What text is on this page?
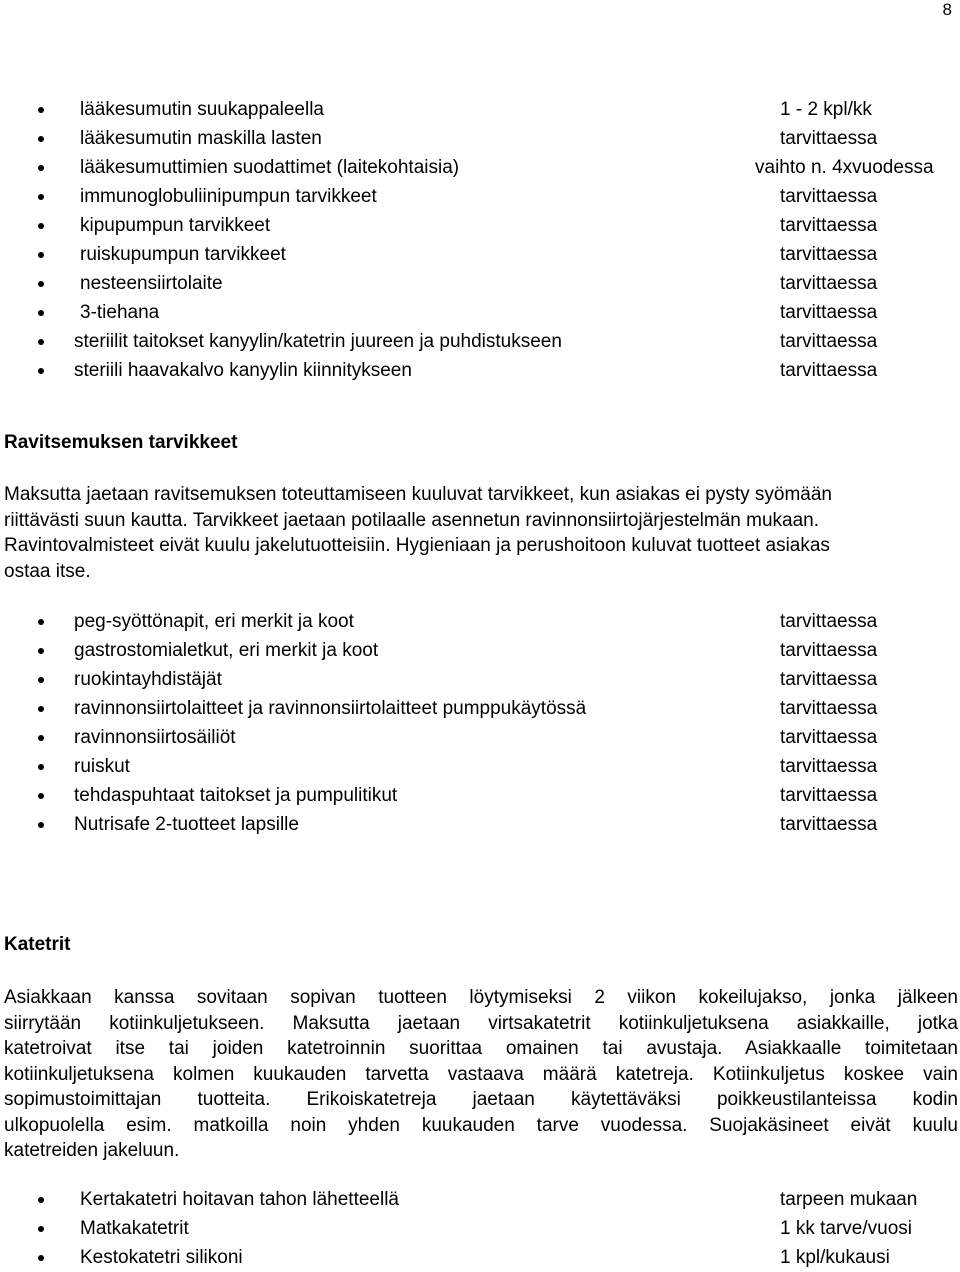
8
lääkesumutin suukappaleella	1 - 2 kpl/kk
lääkesumutin maskilla lasten	tarvittaessa
lääkesumuttimien suodattimet (laitekohtaisia)	vaihto n. 4xvuodessa
immunoglobuliinipumpun tarvikkeet	tarvittaessa
kipupumpun tarvikkeet	tarvittaessa
ruiskupumpun tarvikkeet	tarvittaessa
nesteensiirtolaite	tarvittaessa
3-tiehana	tarvittaessa
steriilit taitokset kanyylin/katetrin juureen ja puhdistukseen	tarvittaessa
steriili haavakalvo kanyylin kiinnitykseen	tarvittaessa
Ravitsemuksen tarvikkeet

Maksutta jaetaan ravitsemuksen toteuttamiseen kuuluvat tarvikkeet, kun asiakas ei pysty syömään
riittävästi suun kautta. Tarvikkeet jaetaan potilaalle asennetun ravinnonsiirtojärjestelmän mukaan.
Ravintovalmisteet eivät kuulu jakelutuotteisiin. Hygieniaan ja perushoitoon kuluvat tuotteet asiakas
ostaa itse.

peg-syöttönapit, eri merkit ja koot	tarvittaessa
gastrostomialetkut, eri merkit ja koot	tarvittaessa
ruokintayhdistäjät	tarvittaessa
ravinnonsiirtolaitteet ja ravinnonsiirtolaitteet pumppukäytössä	tarvittaessa
ravinnonsiirtosäiliöt	tarvittaessa
ruiskut	tarvittaessa
tehdaspuhtaat taitokset ja pumpulitikut	tarvittaessa
Nutrisafe 2-tuotteet lapsille	tarvittaessa
Katetrit

Asiakkaan kanssa sovitaan sopivan tuotteen löytymiseksi 2 viikon kokeilujakso, jonka jälkeen
siirrytään kotiinkuljetukseen. Maksutta jaetaan virtsakatetrit kotiinkuljetuksena asiakkaille, jotka
katetroivat itse tai joiden katetroinnin suorittaa omainen tai avustaja. Asiakkaalle toimitetaan
kotiinkuljetuksena kolmen kuukauden tarvetta vastaava määrä katetreja. Kotiinkuljetus koskee vain
sopimustoimittajan tuotteita. Erikoiskatetreja jaetaan käytettäväksi poikkeustilanteissa kodin
ulkopuolella esim. matkoilla noin yhden kuukauden tarve vuodessa. Suojakäsineet eivät kuulu
katetreiden jakeluun.

Kertakatetri hoitavan tahon lähetteellä	tarpeen mukaan
Matkakatetrit	1 kk tarve/vuosi
Kestokatetri silikoni	1 kpl/kukausi
